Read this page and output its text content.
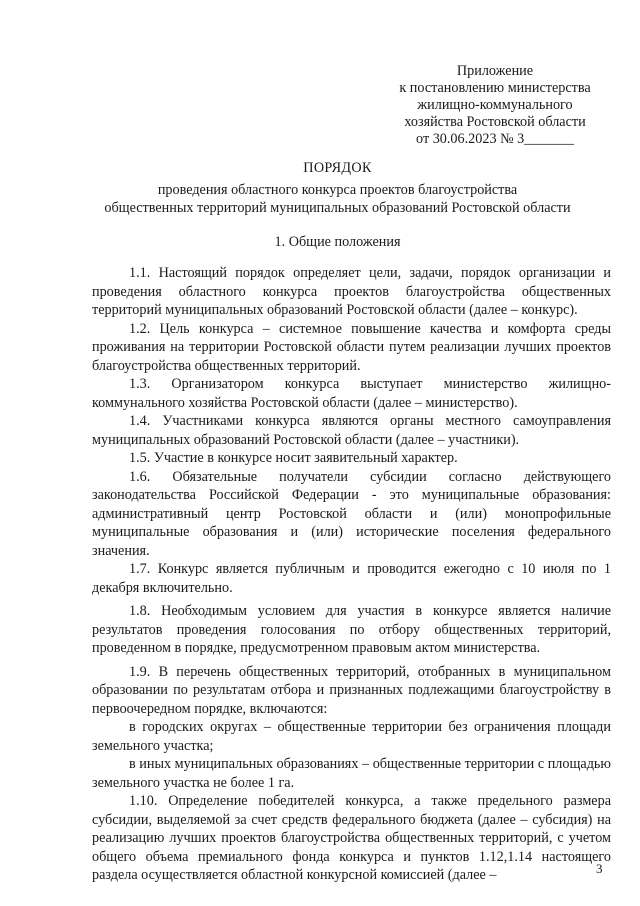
Приложение
к постановлению министерства
жилищно-коммунального
хозяйства Ростовской области
от 30.06.2023 № 3_______
ПОРЯДОК
проведения областного конкурса проектов благоустройства
общественных территорий муниципальных образований Ростовской области
1. Общие положения

1.1. Настоящий порядок определяет цели, задачи, порядок организации и проведения областного конкурса проектов благоустройства общественных территорий муниципальных образований Ростовской области (далее – конкурс).

1.2. Цель конкурса – системное повышение качества и комфорта среды проживания на территории Ростовской области путем реализации лучших проектов благоустройства общественных территорий.

1.3. Организатором конкурса выступает министерство жилищно-коммунального хозяйства Ростовской области (далее – министерство).

1.4. Участниками конкурса являются органы местного самоуправления муниципальных образований Ростовской области (далее – участники).

1.5. Участие в конкурсе носит заявительный характер.

1.6. Обязательные получатели субсидии согласно действующего законодательства Российской Федерации - это муниципальные образования: административный центр Ростовской области и (или) монопрофильные муниципальные образования и (или) исторические поселения федерального значения.

1.7. Конкурс является публичным и проводится ежегодно с 10 июля по 1 декабря включительно.

1.8. Необходимым условием для участия в конкурсе является наличие результатов проведения голосования по отбору общественных территорий, проведенном в порядке, предусмотренном правовым актом министерства.

1.9. В перечень общественных территорий, отобранных в муниципальном образовании по результатам отбора и признанных подлежащими благоустройству в первоочередном порядке, включаются:

в городских округах – общественные территории без ограничения площади земельного участка;

в иных муниципальных образованиях – общественные территории с площадью земельного участка не более 1 га.

1.10. Определение победителей конкурса, а также предельного размера субсидии, выделяемой за счет средств федерального бюджета (далее – субсидия) на реализацию лучших проектов благоустройства общественных территорий, с учетом общего объема премиального фонда конкурса и пунктов 1.12,1.14 настоящего раздела осуществляется областной конкурсной комиссией (далее –	3
